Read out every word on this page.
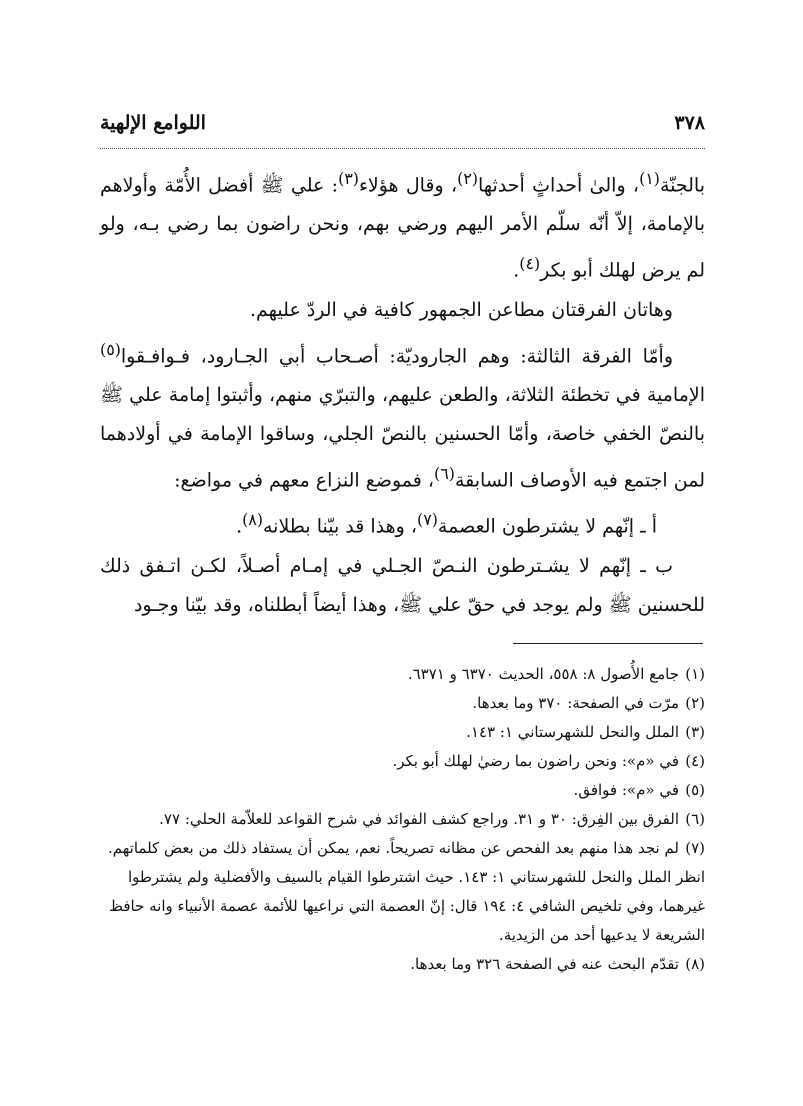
٣٧٨
اللوامع الإلهية

بالجنّة$^{(١)}$، والىٰ أحداثٍ أحدثها$^{(٢)}$، وقال هؤلاء$^{(٣)}$: علي ﷺ أفضل الأُمّة وأولاهم بالإمامة، إلاّ أنّه سلّم الأمر اليهم ورضي بهم، ونحن راضون بما رضي بـه، ولو لم يرض لهلك أبو بكر$^{(٤)}$.

وهاتان الفرقتان مطاعن الجمهور كافية في الردّ عليهم.

وأمّا الفرقة الثالثة: وهم الجاروديّة: أصـحاب أبي الجـارود، فـوافـقوا$^{(٥)}$ الإمامية في تخطئة الثلاثة، والطعن عليهم، والتبرّي منهم، وأثبتوا إمامة علي ﷺ بالنصّ الخفي خاصة، وأمّا الحسنين بالنصّ الجلي، وساقوا الإمامة في أولادهما لمن اجتمع فيه الأوصاف السابقة$^{(٦)}$، فموضع النزاع معهم في مواضع:

أ ـ إنّهم لا يشترطون العصمة$^{(٧)}$، وهذا قد بيّنا بطلانه$^{(٨)}$.

ب ـ إنّهم لا يشـترطون النـصّ الجـلي في إمـام أصـلاً، لكـن اتـفق ذلك للحسنين ﷺ ولم يوجد في حقّ علي ﷺ، وهذا أيضاً أبطلناه، وقد بيّنا وجـود

(١)جامع الأُصول ٨: ٥٥٨، الحديث ٦٣٧٠ و ٦٣٧١.

(٢)مرّت في الصفحة: ٣٧٠ وما بعدها.

(٣)الملل والنحل للشهرستاني ١: ١٤٣.

(٤)في «م»: ونحن راضون بما رضيٰ لهلك أبو بكر.

(٥)في «م»: فوافق.

(٦)الفرق بين الفِرق: ٣٠ و ٣١. وراجع كشف الفوائد في شرح القواعد للعلاّمة الحلي: ٧٧.

(٧)لم نجد هذا منهم بعد الفحص عن مظانه تصريحاً. نعم، يمكن أن يستفاد ذلك من بعض كلماتهم. انظر الملل والنحل للشهرستاني ١: ١٤٣. حيث اشترطوا القيام بالسيف والأفضلية ولم يشترطوا غيرهما، وفي تلخيص الشافي ٤: ١٩٤ قال: إنّ العصمة التي نراعيها للأئمة عصمة الأنبياء وانه حافظ الشريعة لا يدعيها أحد من الزيدية.

(٨)تقدّم البحث عنه في الصفحة ٣٢٦ وما بعدها.
